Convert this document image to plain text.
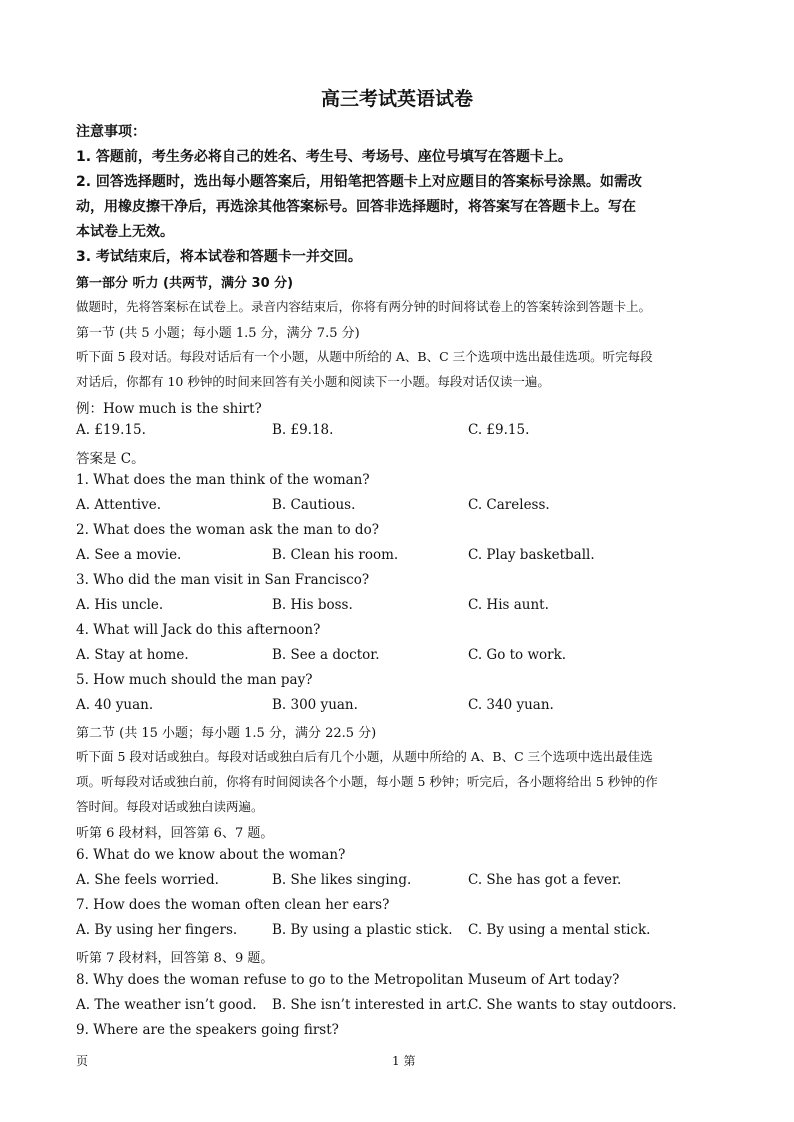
高三考试英语试卷
注意事项：
1. 答题前，考生务必将自己的姓名、考生号、考场号、座位号填写在答题卡上。
2. 回答选择题时，选出每小题答案后，用铅笔把答题卡上对应题目的答案标号涂黑。如需改
动，用橡皮擦干净后，再选涂其他答案标号。回答非选择题时，将答案写在答题卡上。写在
本试卷上无效。
3. 考试结束后，将本试卷和答题卡一并交回。
第一部分 听力 (共两节，满分 30 分)
做题时，先将答案标在试卷上。录音内容结束后，你将有两分钟的时间将试卷上的答案转涂到答题卡上。
第一节 (共 5 小题；每小题 1.5 分，满分 7.5 分)
听下面 5 段对话。每段对话后有一个小题，从题中所给的 A、B、C 三个选项中选出最佳选项。听完每段
对话后，你都有 10 秒钟的时间来回答有关小题和阅读下一小题。每段对话仅读一遍。
例：How much is the shirt?
A. £19.15.	B. £9.18.	C. £9.15.
答案是 C。
1. What does the man think of the woman?
A. Attentive.	B. Cautious.	C. Careless.
2. What does the woman ask the man to do?
A. See a movie.	B. Clean his room.	C. Play basketball.
3. Who did the man visit in San Francisco?
A. His uncle.	B. His boss.	C. His aunt.
4. What will Jack do this afternoon?
A. Stay at home.	B. See a doctor.	C. Go to work.
5. How much should the man pay?
A. 40 yuan.	B. 300 yuan.	C. 340 yuan.
第二节 (共 15 小题；每小题 1.5 分，满分 22.5 分)
听下面 5 段对话或独白。每段对话或独白后有几个小题，从题中所给的 A、B、C 三个选项中选出最佳选
项。听每段对话或独白前，你将有时间阅读各个小题，每小题 5 秒钟；听完后，各小题将给出 5 秒钟的作
答时间。每段对话或独白读两遍。
听第 6 段材料，回答第 6、7 题。
6. What do we know about the woman?
A. She feels worried.	B. She likes singing.	C. She has got a fever.
7. How does the woman often clean her ears?
A. By using her fingers.	B. By using a plastic stick. C. By using a mental stick.
听第 7 段材料，回答第 8、9 题。
8. Why does the woman refuse to go to the Metropolitan Museum of Art today?
A. The weather isn’t good. B. She isn’t interested in art.
C. She wants to stay outdoors.
9. Where are the speakers going first?
页	1 第
